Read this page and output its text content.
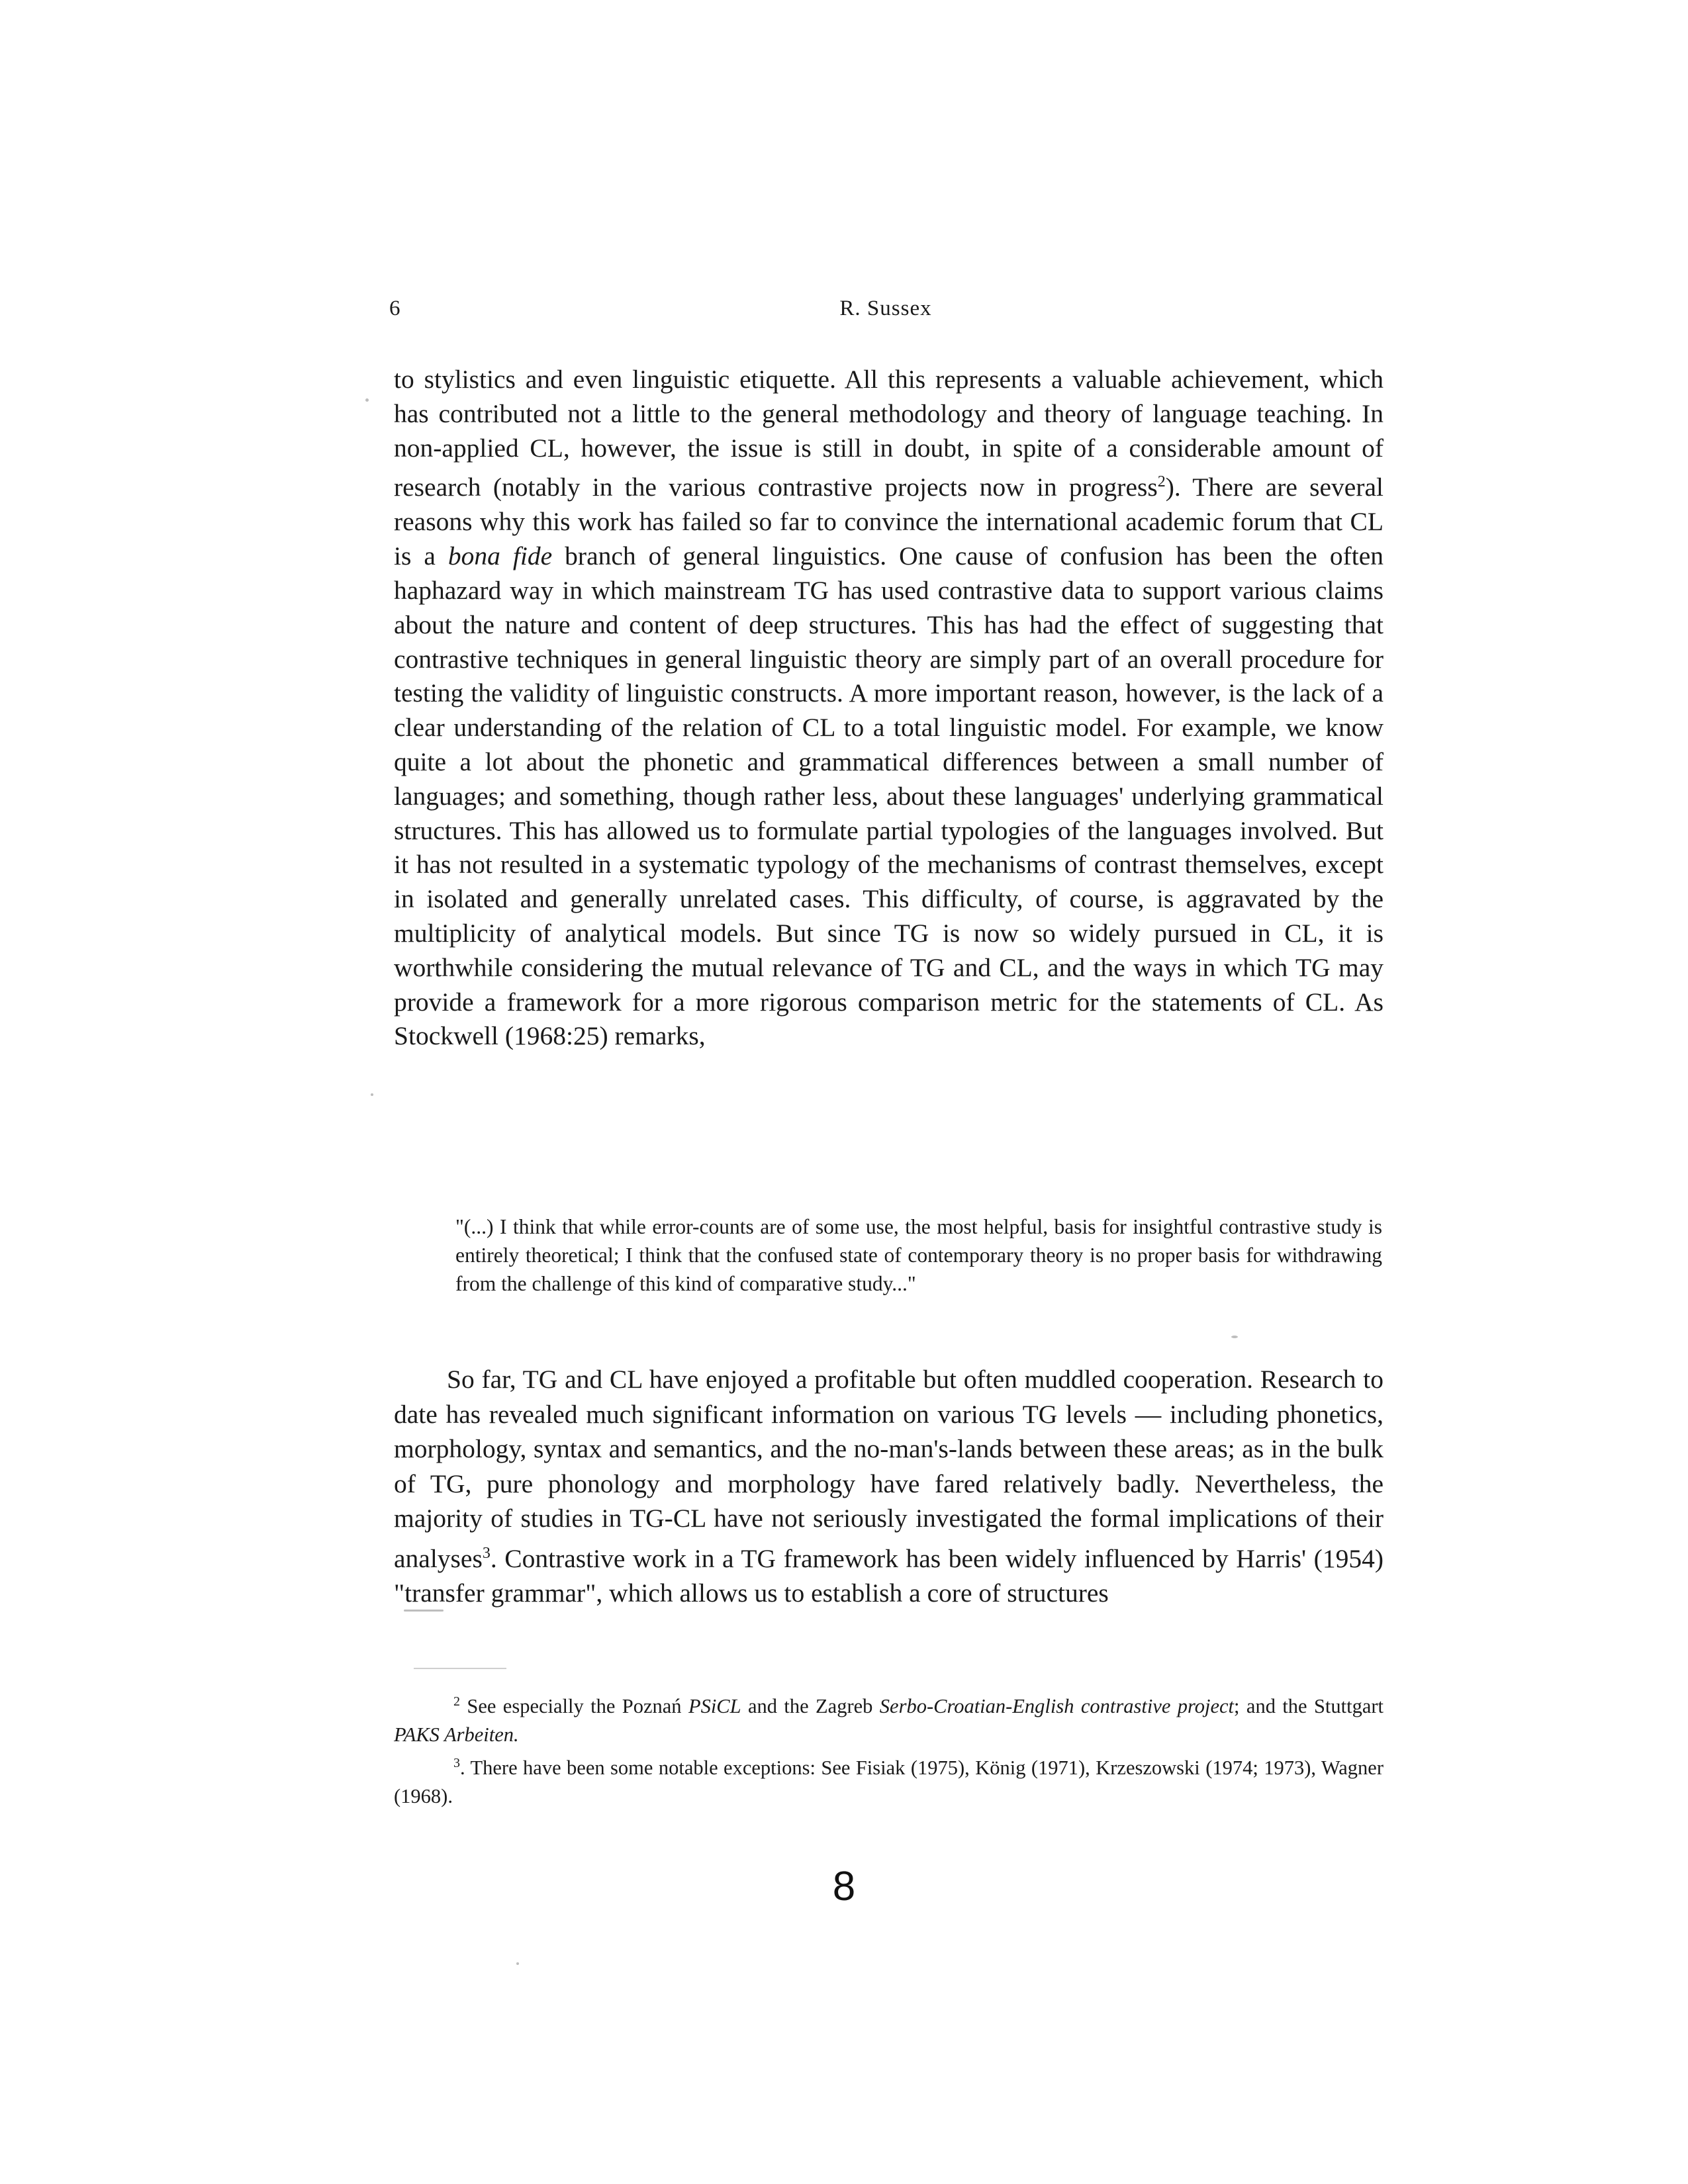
6	R. Sussex

to stylistics and even linguistic etiquette. All this represents a valuable achievement, which has contributed not a little to the general methodology and theory of language teaching. In non-applied CL, however, the issue is still in doubt, in spite of a considerable amount of research (notably in the various contrastive projects now in progress$^2$). There are several reasons why this work has failed so far to convince the international academic forum that CL is a bona fide branch of general linguistics. One cause of confusion has been the often haphazard way in which mainstream TG has used contrastive data to support various claims about the nature and content of deep structures. This has had the effect of suggesting that contrastive techniques in general linguistic theory are simply part of an overall procedure for testing the validity of linguistic constructs. A more important reason, however, is the lack of a clear understanding of the relation of CL to a total linguistic model. For example, we know quite a lot about the phonetic and grammatical differences between a small number of languages; and something, though rather less, about these languages' underlying grammatical structures. This has allowed us to formulate partial typologies of the languages involved. But it has not resulted in a systematic typology of the mechanisms of contrast themselves, except in isolated and generally unrelated cases. This difficulty, of course, is aggravated by the multiplicity of analytical models. But since TG is now so widely pursued in CL, it is worthwhile considering the mutual relevance of TG and CL, and the ways in which TG may provide a framework for a more rigorous comparison metric for the statements of CL. As Stockwell (1968:25) remarks,

"(...) I think that while error-counts are of some use, the most helpful, basis for insightful contrastive study is entirely theoretical; I think that the confused state of contemporary theory is no proper basis for withdrawing from the challenge of this kind of comparative study..."
So far, TG and CL have enjoyed a profitable but often muddled cooperation. Research to date has revealed much significant information on various TG levels — including phonetics, morphology, syntax and semantics, and the no-man's-lands between these areas; as in the bulk of TG, pure phonology and morphology have fared relatively badly. Nevertheless, the majority of studies in TG-CL have not seriously investigated the formal implications of their analyses$^3$. Contrastive work in a TG framework has been widely influenced by Harris' (1954) "transfer grammar", which allows us to establish a core of structures

$^2$ See especially the Poznań PSiCL and the Zagreb Serbo-Croatian-English contrastive project; and the Stuttgart PAKS Arbeiten.

$^3$. There have been some notable exceptions: See Fisiak (1975), König (1971), Krzeszowski (1974; 1973), Wagner (1968).

8
